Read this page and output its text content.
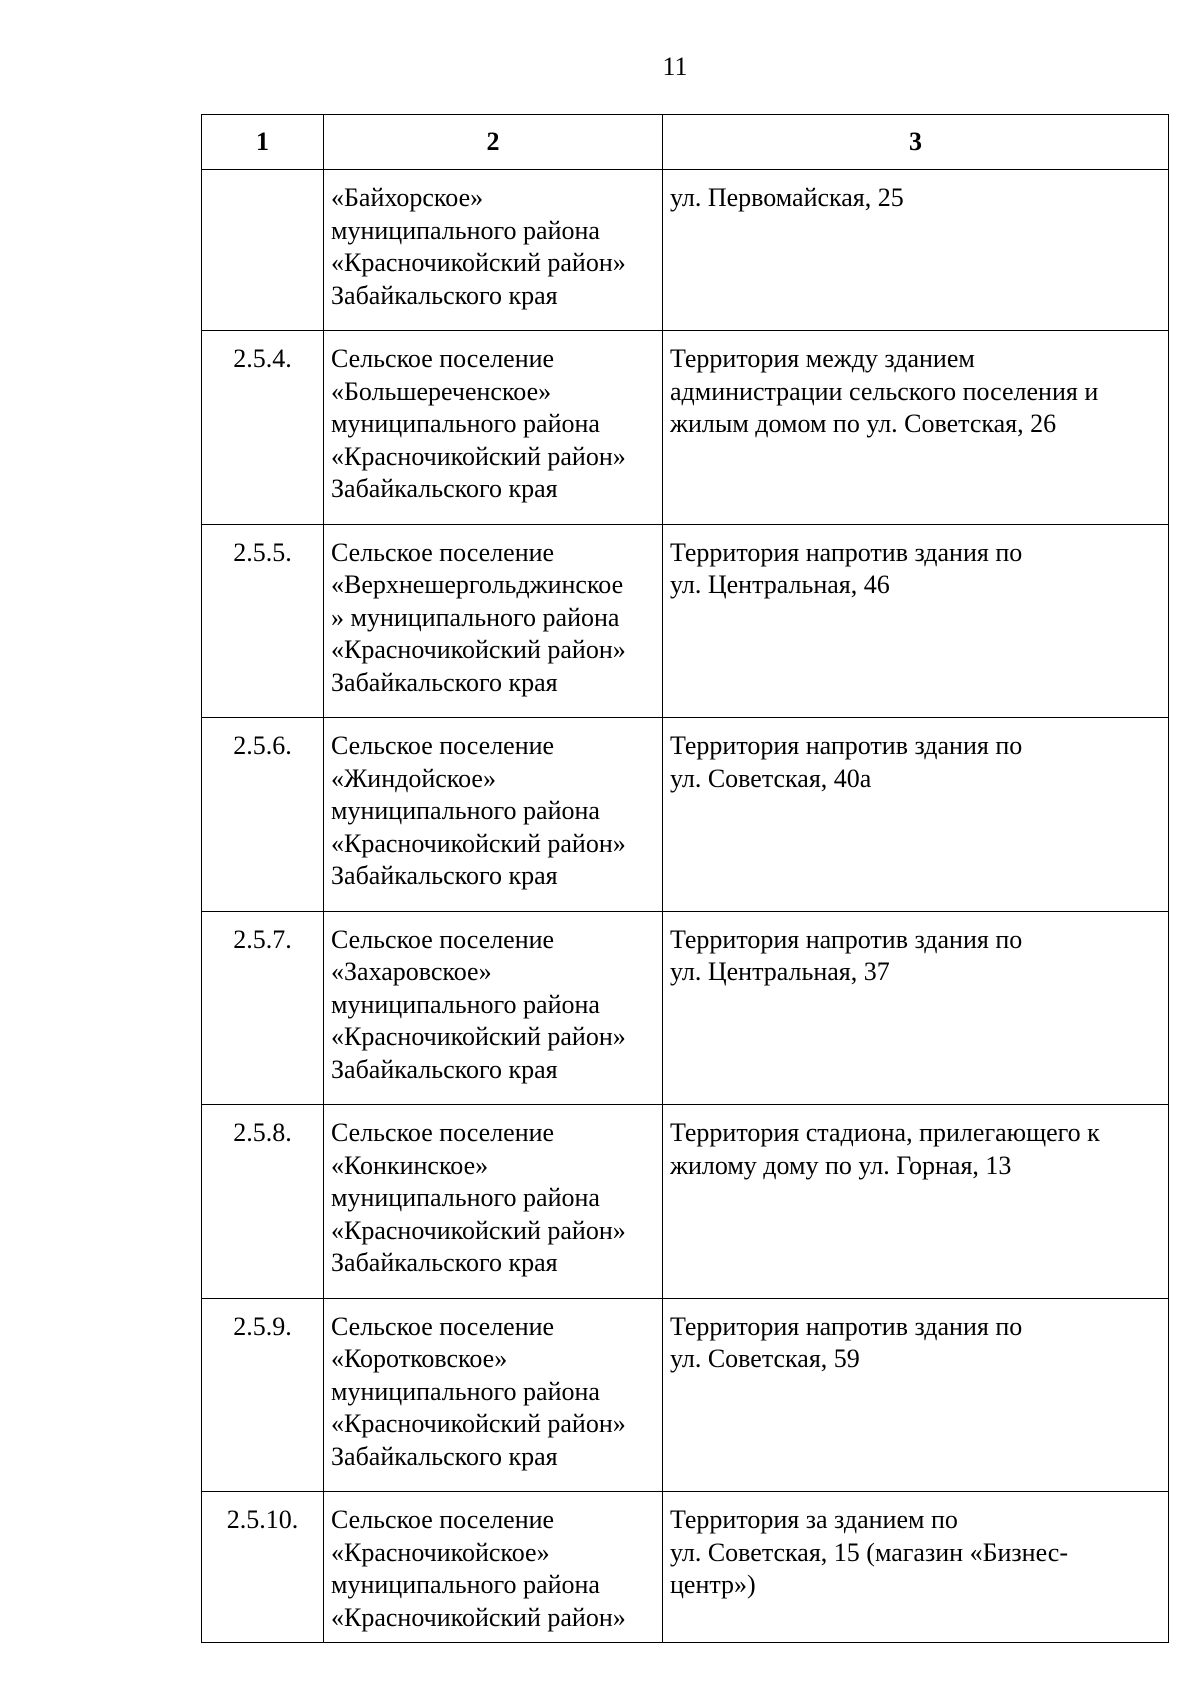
11
1	2	3

	«Байхорское»
муниципального района
«Красночикойский район»
Забайкальского края	ул. Первомайская, 25

2.5.4.	Сельское поселение
«Большереченское»
муниципального района
«Красночикойский район»
Забайкальского края	Территория между зданием
администрации сельского поселения и
жилым домом по ул. Советская, 26

2.5.5.	Сельское поселение
«Верхнешергольджинское
» муниципального района
«Красночикойский район»
Забайкальского края	Территория напротив здания по
ул. Центральная, 46

2.5.6.	Сельское поселение
«Жиндойское»
муниципального района
«Красночикойский район»
Забайкальского края	Территория напротив здания по
ул. Советская, 40а

2.5.7.	Сельское поселение
«Захаровское»
муниципального района
«Красночикойский район»
Забайкальского края	Территория напротив здания по
ул. Центральная, 37

2.5.8.	Сельское поселение
«Конкинское»
муниципального района
«Красночикойский район»
Забайкальского края	Территория стадиона, прилегающего к
жилому дому по ул. Горная, 13

2.5.9.	Сельское поселение
«Коротковское»
муниципального района
«Красночикойский район»
Забайкальского края	Территория напротив здания по
ул. Советская, 59

2.5.10.	Сельское поселение
«Красночикойское»
муниципального района
«Красночикойский район»	Территория за зданием по
ул. Советская, 15 (магазин «Бизнес-
центр»)
